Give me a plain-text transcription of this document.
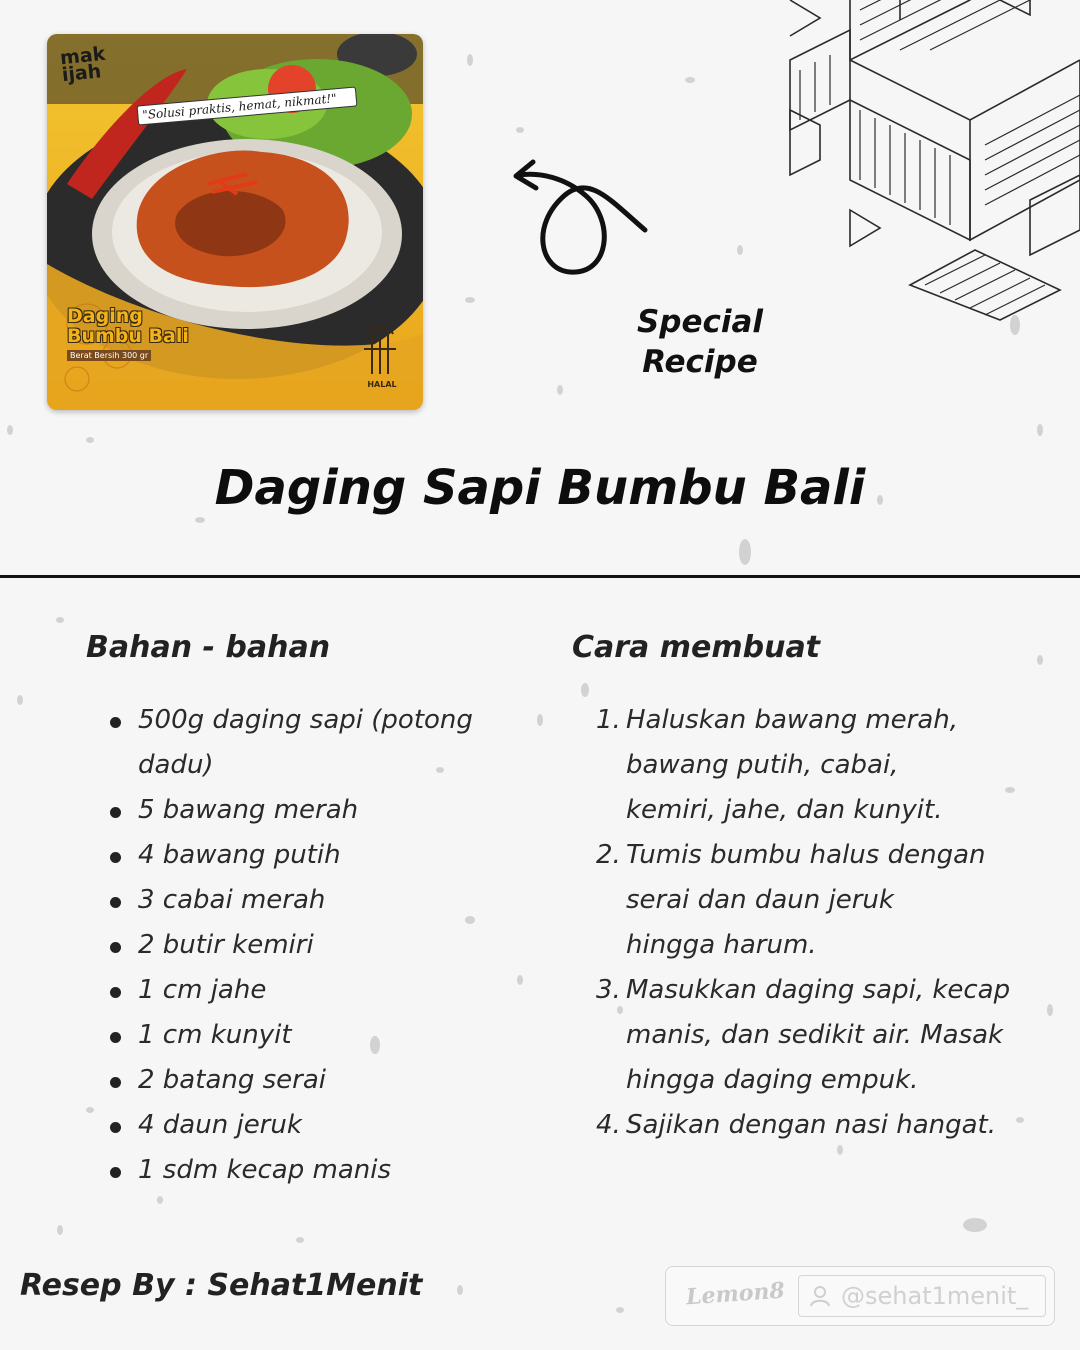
mak
ijah
"Solusi praktis, hemat, nikmat!"
Daging
Bumbu Bali
Berat Bersih 300 gr
HALAL
Special
Recipe
Daging Sapi Bumbu Bali
Bahan - bahan	Cara membuat
500g daging sapi (potong dadu)
5 bawang merah
4 bawang putih
3 cabai merah
2 butir kemiri
1 cm jahe
1 cm kunyit
2 batang serai
4 daun jeruk
1 sdm kecap manis
1. Haluskan bawang merah, bawang putih, cabai, kemiri, jahe, dan kunyit.
2. Tumis bumbu halus dengan serai dan daun jeruk hingga harum.
3. Masukkan daging sapi, kecap manis, dan sedikit air. Masak hingga daging empuk.
4. Sajikan dengan nasi hangat.
Resep By : Sehat1Menit	Lemon8 @sehat1menit_
